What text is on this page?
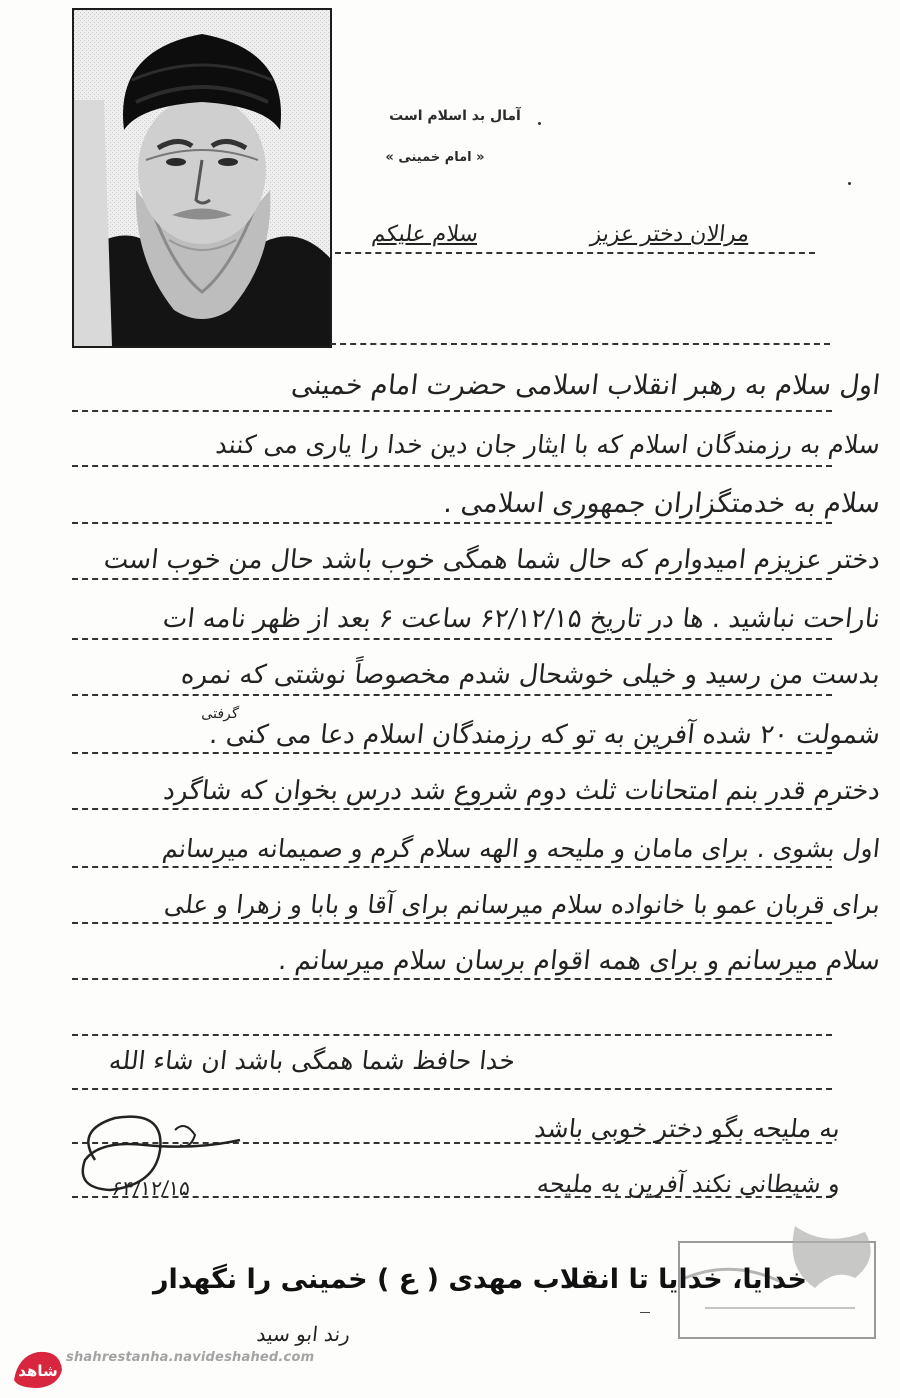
آمال بد اسلام است
« امام خمینی »
سلام علیکم	مرالان دختر عزیز
اول سلام به رهبر انقلاب اسلامی حضرت امام خمینی
سلام به رزمندگان اسلام که با ایثار جان دین خدا را یاری می کنند
سلام به خدمتگزاران جمهوری اسلامی .
دختر عزیزم امیدوارم که حال شما همگی خوب باشد حال من خوب است
ناراحت نباشید . ها در تاریخ ۶۲/۱۲/۱۵ ساعت ۶ بعد از ظهر نامه ات
بدست من رسید و خیلی خوشحال شدم مخصوصاً نوشتی که نمره
گرفتی
شمولت ۲۰ شده آفرین به تو که رزمندگان اسلام دعا می کنی .
دخترم قدر بنم امتحانات ثلث دوم شروع شد درس بخوان که شاگرد
اول بشوی . برای مامان و ملیحه و الهه سلام گرم و صمیمانه میرسانم
برای قربان عمو با خانواده سلام میرسانم برای آقا و بابا و زهرا و علی
سلام میرسانم و برای همه اقوام برسان سلام میرسانم .
خدا حافظ شما همگی باشد ان شاء الله
به ملیحه بگو دختر خوبی باشد
و شیطانی نکند آفرین به ملیحه
۶۴/۱۲/۱۵
خدایا، خدایا تا انقلاب مهدی ( ع ) خمینی را نگهدار
رند ابو سید
شاهد
shahrestanha.navideshahed.com
